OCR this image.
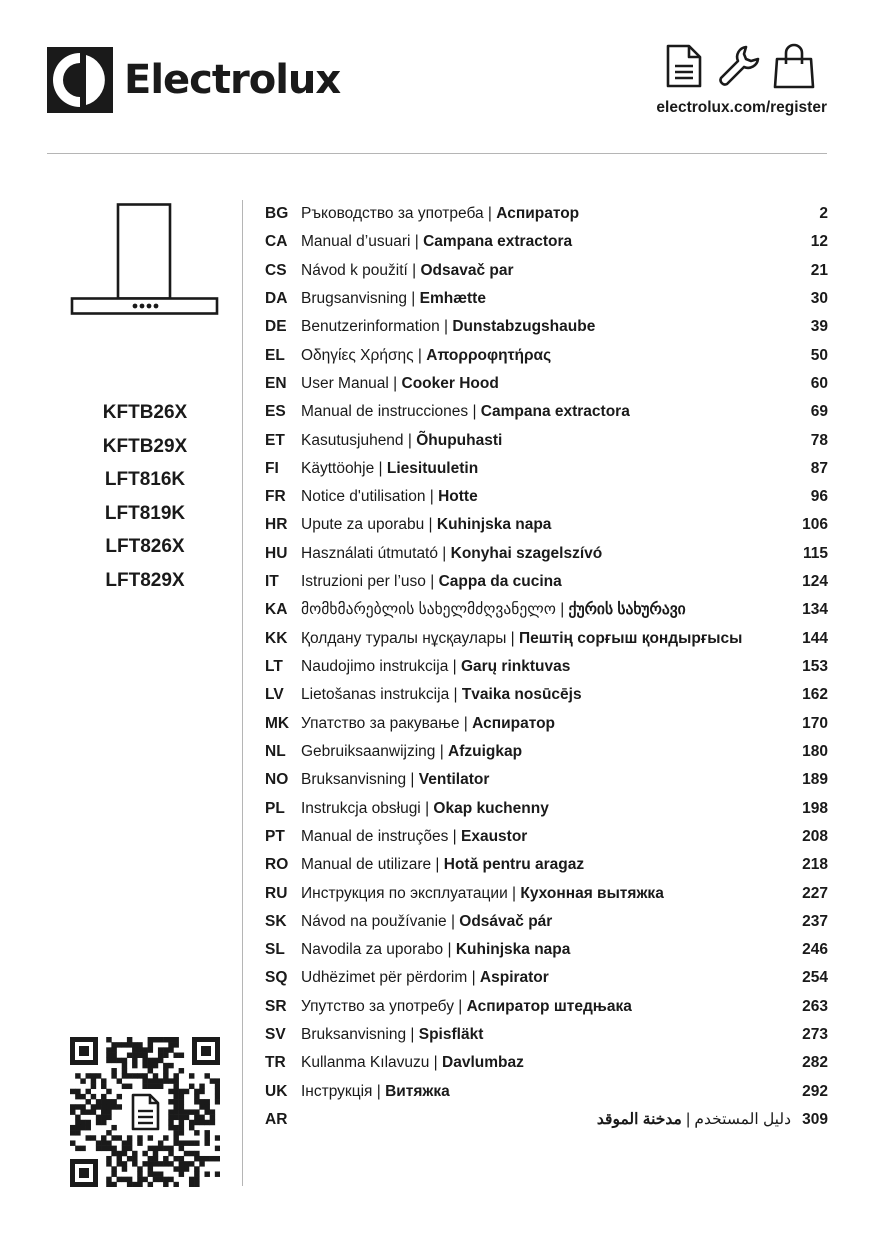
Electrolux
electrolux.com/register
KFTB26X
KFTB29X
LFT816K
LFT819K
LFT826X
LFT829X
BG Ръководство за употреба | Аспиратор	2
CA Manual d’usuari | Campana extractora	12
CS Návod k použití | Odsavač par	21
DA Brugsanvisning | Emhætte	30
DE Benutzerinformation | Dunstabzugshaube	39
EL Οδηγίες Χρήσης | Απορροφητήρας	50
EN User Manual | Cooker Hood	60
ES Manual de instrucciones | Campana extractora	69
ET Kasutusjuhend | Õhupuhasti	78
FI Käyttöohje | Liesituuletin	87
FR Notice d'utilisation | Hotte	96
HR Upute za uporabu | Kuhinjska napa	106
HU Használati útmutató | Konyhai szagelszívó	115
IT Istruzioni per l’uso | Cappa da cucina	124
KA მომხმარებლის სახელმძღვანელო | ქურის სახურავი	134
KK Қолдану туралы нұсқаулары | Пештің сорғыш қондырғысы	144
LT Naudojimo instrukcija | Garų rinktuvas	153
LV Lietošanas instrukcija | Tvaika nosūcējs	162
MK Упатство за ракување | Аспиратор	170
NL Gebruiksaanwijzing | Afzuigkap	180
NO Bruksanvisning | Ventilator	189
PL Instrukcja obsługi | Okap kuchenny	198
PT Manual de instruções | Exaustor	208
RO Manual de utilizare | Hotă pentru aragaz	218
RU Инструкция по эксплуатации | Кухонная вытяжка	227
SK Návod na používanie | Odsávač pár	237
SL Navodila za uporabo | Kuhinjska napa	246
SQ Udhëzimet për përdorim | Aspirator	254
SR Упутство за употребу | Аспиратор штедњака	263
SV Bruksanvisning | Spisfläkt	273
TR Kullanma Kılavuzu | Davlumbaz	282
UK Інструкція | Витяжка	292
AR	دليل المستخدم | مدخنة الموقد	309
